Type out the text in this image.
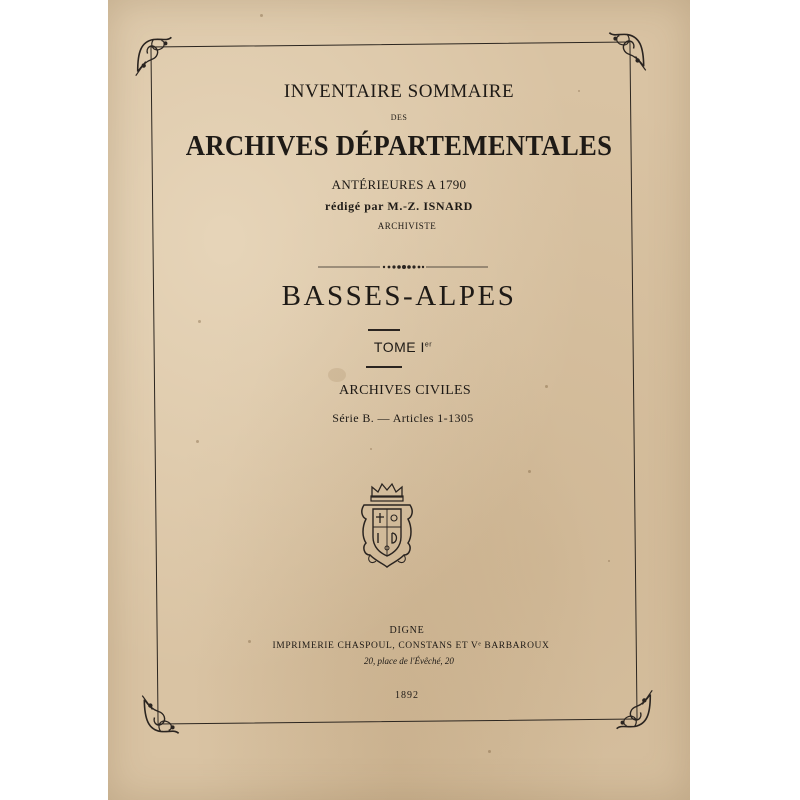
INVENTAIRE SOMMAIRE
DES
ARCHIVES DÉPARTEMENTALES
ANTÉRIEURES A 1790
rédigé par M.-Z. ISNARD
ARCHIVISTE
BASSES-ALPES
TOME Ier
ARCHIVES CIVILES
Série B. — Articles 1-1305
DIGNE
IMPRIMERIE CHASPOUL, CONSTANS ET Vᵉ BARBAROUX
20, place de l'Évêché, 20
1892
